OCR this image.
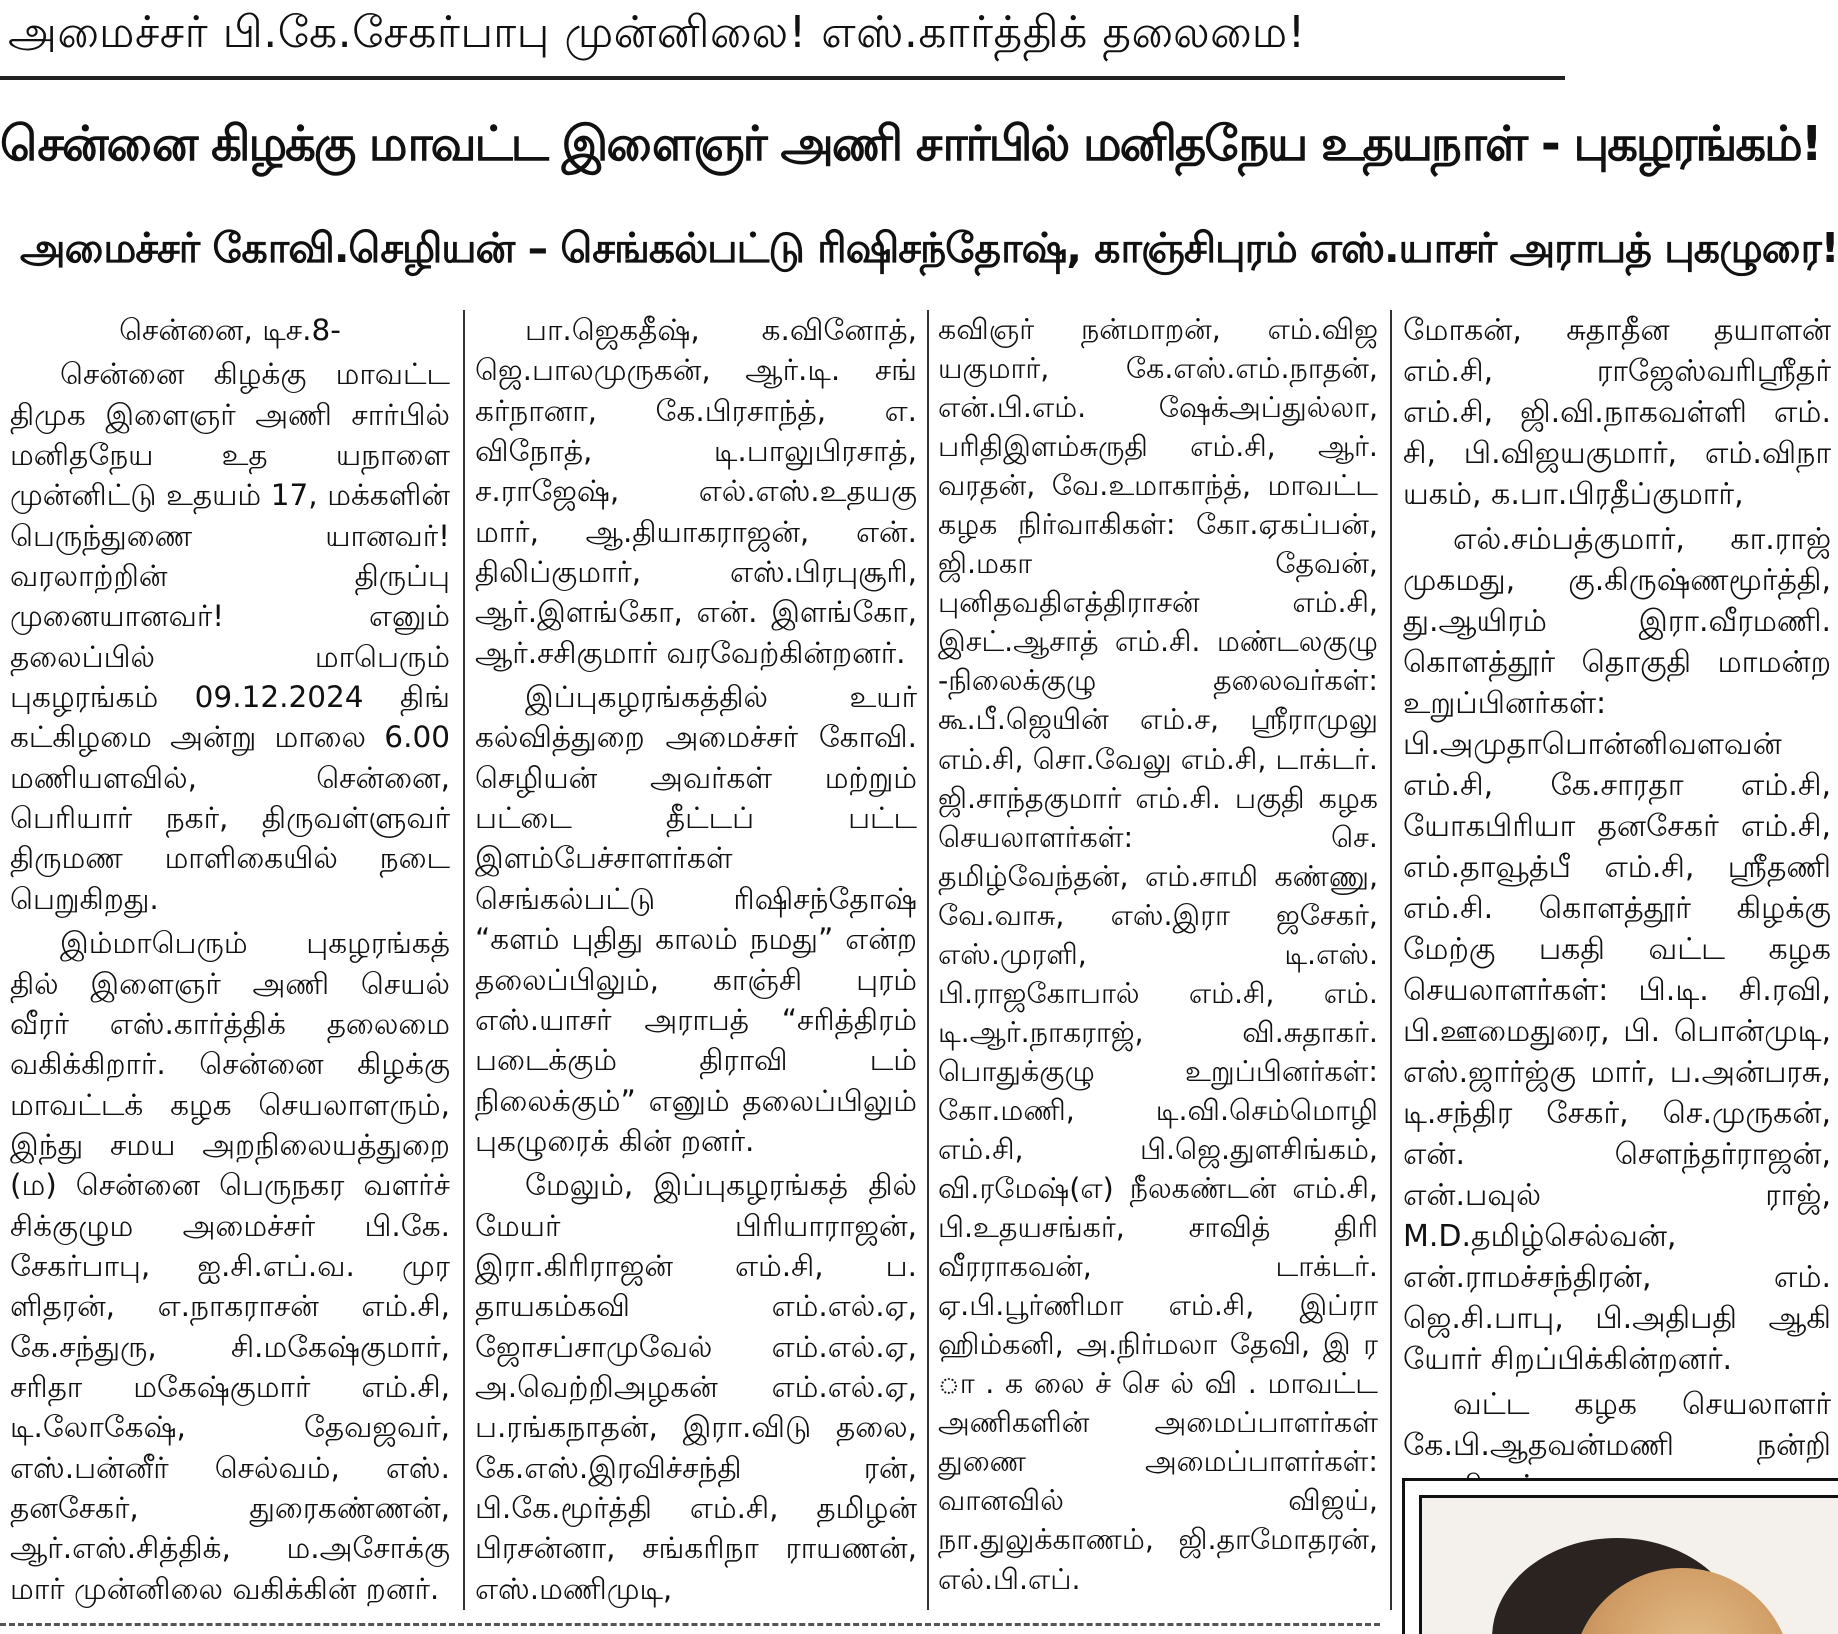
அமைச்சர் பி.கே.சேகர்பாபு முன்னிலை! எஸ்.கார்த்திக் தலைமை!
சென்னை கிழக்கு மாவட்ட இளைஞர் அணி சார்பில் மனிதநேய உதயநாள் - புகழரங்கம்!
அமைச்சர் கோவி.செழியன் – செங்கல்பட்டு ரிஷிசந்தோஷ், காஞ்சிபுரம் எஸ்.யாசர் அராபத் புகழுரை!

சென்னை, டிச.8-

சென்னை கிழக்கு மாவட்ட திமுக இளைஞர் அணி சார்பில் மனிதநேய உத யநாளை முன்னிட்டு உதயம் 17, மக்களின் பெருந்துணை யானவர்! வரலாற்றின் திருப்பு முனையானவர்! எனும் தலைப்பில் மாபெரும் புகழரங்கம் 09.12.2024 திங் கட்கிழமை அன்று மாலை 6.00 மணியளவில், சென்னை, பெரியார் நகர், திருவள்ளுவர் திருமண மாளிகையில் நடை பெறுகிறது.

இம்மாபெரும் புகழரங்கத் தில் இளைஞர் அணி செயல் வீரர் எஸ்.கார்த்திக் தலைமை வகிக்கிறார். சென்னை கிழக்கு மாவட்டக் கழக செயலாளரும், இந்து சமய அறநிலையத்துறை (ம) சென்னை பெருநகர வளர்ச் சிக்குழும அமைச்சர் பி.கே. சேகர்பாபு, ஐ.சி.எப்.வ. முர ளிதரன், எ.நாகராசன் எம்.சி, கே.சந்துரு, சி.மகேஷ்குமார், சரிதா மகேஷ்குமார் எம்.சி, டி.லோகேஷ், தேவஜவர், எஸ்.பன்னீர் செல்வம், எஸ். தனசேகர், துரைகண்ணன், ஆர்.எஸ்.சித்திக், ம.அசோக்கு மார் முன்னிலை வகிக்கின் றனர்.

பா.ஜெகதீஷ், க.வினோத், ஜெ.பாலமுருகன், ஆர்.டி. சங் கர்நானா, கே.பிரசாந்த், எ. விநோத், டி.பாலுபிரசாத், ச.ராஜேஷ், எல்.எஸ்.உதயகு மார், ஆ.தியாகராஜன், என். திலிப்குமார், எஸ்.பிரபுசூரி, ஆர்.இளங்கோ, என். இளங்கோ, ஆர்.சசிகுமார் வரவேற்கின்றனர்.

இப்புகழரங்கத்தில் உயர் கல்வித்துறை அமைச்சர் கோவி. செழியன் அவர்கள் மற்றும் பட்டை தீட்டப் பட்ட இளம்பேச்சாளர்கள் செங்கல்பட்டு ரிஷிசந்தோஷ் “களம் புதிது காலம் நமது” என்ற தலைப்பிலும், காஞ்சி புரம் எஸ்.யாசர் அராபத் “சரித்திரம் படைக்கும் திராவி டம் நிலைக்கும்” எனும் தலைப்பிலும் புகழுரைக் கின் றனர்.

மேலும், இப்புகழரங்கத் தில் மேயர் பிரியாராஜன், இரா.கிரிராஜன் எம்.சி, ப. தாயகம்கவி எம்.எல்.ஏ, ஜோசப்சாமுவேல் எம்.எல்.ஏ, அ.வெற்றிஅழகன் எம்.எல்.ஏ, ப.ரங்கநாதன், இரா.விடு தலை, கே.எஸ்.இரவிச்சந்தி ரன், பி.கே.மூர்த்தி எம்.சி, தமிழன் பிரசன்னா, சங்கரிநா ராயணன், எஸ்.மணிமுடி,

கவிஞர் நன்மாறன், எம்.விஜ யகுமார், கே.எஸ்.எம்.நாதன், என்.பி.எம். ஷேக்அப்துல்லா, பரிதிஇளம்சுருதி எம்.சி, ஆர். வரதன், வே.உமாகாந்த், மாவட்ட கழக நிர்வாகிகள்: கோ.ஏகப்பன், ஜி.மகா தேவன், புனிதவதிஎத்திராசன் எம்.சி, இசட்.ஆசாத் எம்.சி. மண்டலகுழு -நிலைக்குழு தலைவர்கள்: கூ.பீ.ஜெயின் எம்.ச, ஸ்ரீராமுலு எம்.சி, சொ.வேலு எம்.சி, டாக்டர். ஜி.சாந்தகுமார் எம்.சி. பகுதி கழக செயலாளர்கள்: செ. தமிழ்வேந்தன், எம்.சாமி கண்ணு, வே.வாசு, எஸ்.இரா ஜசேகர், எஸ்.முரளி, டி.எஸ். பி.ராஜகோபால் எம்.சி, எம். டி.ஆர்.நாகராஜ், வி.சுதாகர். பொதுக்குழு உறுப்பினர்கள்: கோ.மணி, டி.வி.செம்மொழி எம்.சி, பி.ஜெ.துளசிங்கம், வி.ரமேஷ்(எ) நீலகண்டன் எம்.சி, பி.உதயசங்கர், சாவித் திரி வீரராகவன், டாக்டர். ஏ.பி.பூர்ணிமா எம்.சி, இப்ரா ஹிம்கனி, அ.நிர்மலா தேவி, இ ர ா . க லை ச் செ ல் வி . மாவட்ட அணிகளின் அமைப்பாளர்கள் துணை அமைப்பாளர்கள்: வானவில் விஜய், நா.துலுக்காணம், ஜி.தாமோதரன், எல்.பி.எப்.

மோகன், சுதாதீன தயாளன் எம்.சி, ராஜேஸ்வரிஸ்ரீதர் எம்.சி, ஜி.வி.நாகவள்ளி எம். சி, பி.விஜயகுமார், எம்.விநா யகம், க.பா.பிரதீப்குமார்,

எல்.சம்பத்குமார், கா.ராஜ் முகமது, கு.கிருஷ்ணமூர்த்தி, து.ஆயிரம் இரா.வீரமணி. கொளத்தூர் தொகுதி மாமன்ற உறுப்பினர்கள்: பி.அமுதாபொன்னிவளவன் எம்.சி, கே.சாரதா எம்.சி, யோகபிரியா தனசேகர் எம்.சி, எம்.தாவூத்பீ எம்.சி, ஸ்ரீதணி எம்.சி. கொளத்தூர் கிழக்கு மேற்கு பகதி வட்ட கழக செயலாளர்கள்: பி.டி. சி.ரவி, பி.ஊமைதுரை, பி. பொன்முடி, எஸ்.ஜார்ஜ்கு மார், ப.அன்பரசு, டி.சந்திர சேகர், செ.முருகன், என். சௌந்தர்ராஜன், என்.பவுல் ராஜ், M.D.தமிழ்செல்வன், என்.ராமச்சந்திரன், எம். ஜெ.சி.பாபு, பி.அதிபதி ஆகி யோர் சிறப்பிக்கின்றனர்.

வட்ட கழக செயலாளர் கே.பி.ஆதவன்மணி நன்றி
